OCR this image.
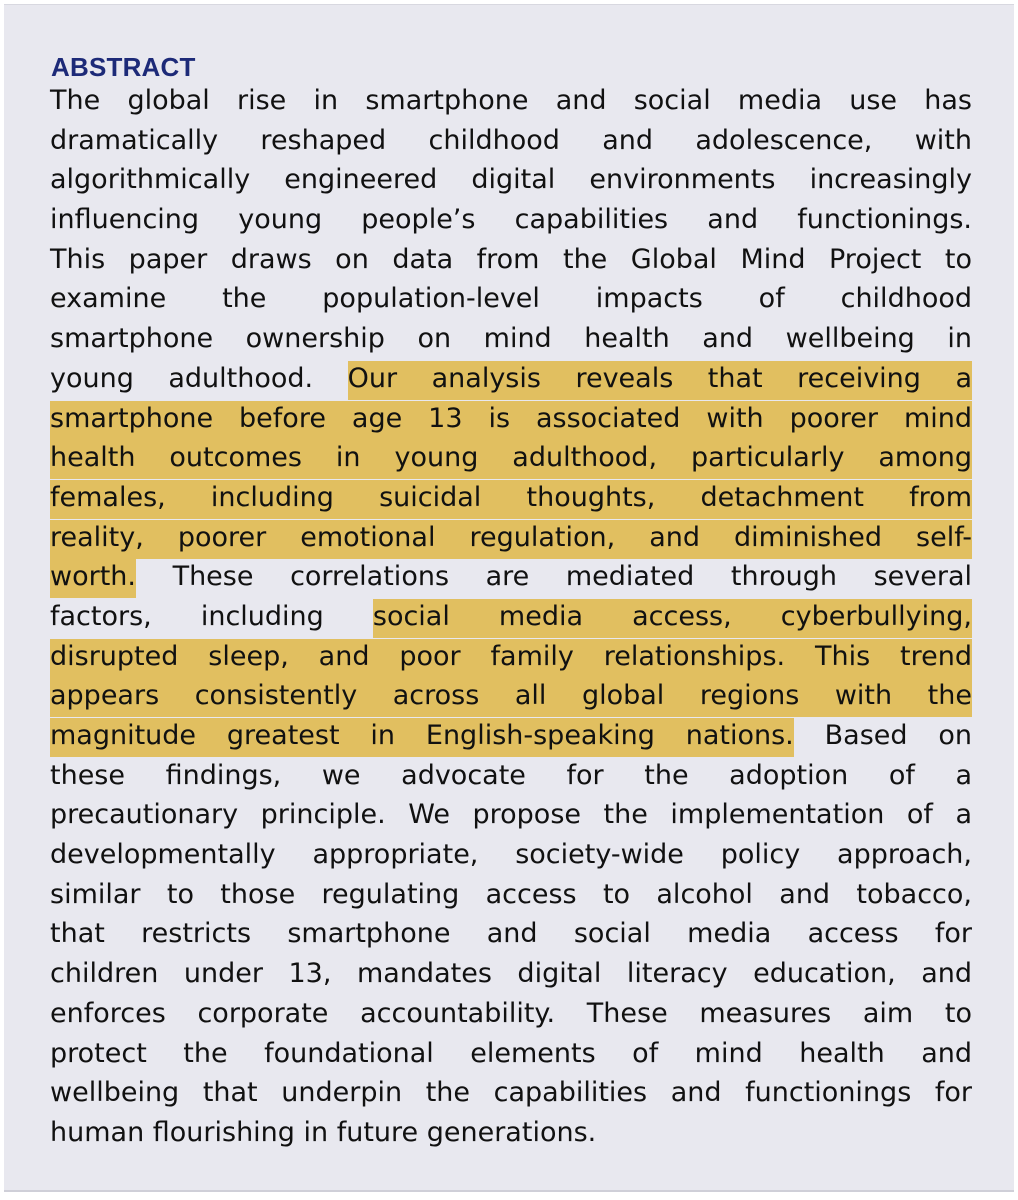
ABSTRACT
The global rise in smartphone and social media use has
dramatically reshaped childhood and adolescence, with
algorithmically engineered digital environments increasingly
influencing young people’s capabilities and functionings.
This paper draws on data from the Global Mind Project to
examine the population-level impacts of childhood
smartphone ownership on mind health and wellbeing in
young adulthood. Our analysis reveals that receiving a
smartphone before age 13 is associated with poorer mind
health outcomes in young adulthood, particularly among
females, including suicidal thoughts, detachment from
reality, poorer emotional regulation, and diminished self-
worth. These correlations are mediated through several
factors, including social media access, cyberbullying,
disrupted sleep, and poor family relationships. This trend
appears consistently across all global regions with the
magnitude greatest in English-speaking nations. Based on
these findings, we advocate for the adoption of a
precautionary principle. We propose the implementation of a
developmentally appropriate, society-wide policy approach,
similar to those regulating access to alcohol and tobacco,
that restricts smartphone and social media access for
children under 13, mandates digital literacy education, and
enforces corporate accountability. These measures aim to
protect the foundational elements of mind health and
wellbeing that underpin the capabilities and functionings for
human flourishing in future generations.
